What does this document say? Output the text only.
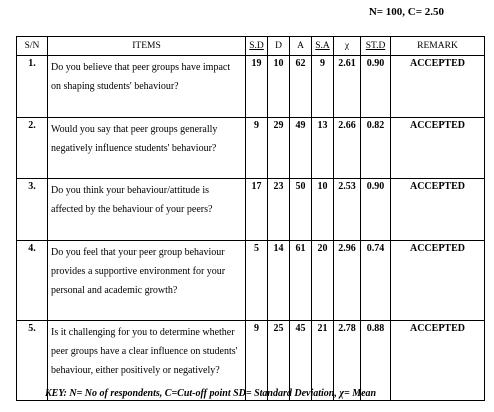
N= 100, C= 2.50
S/N	ITEMS	S.D	D	A	S.A	χ	ST.D	REMARK
1.	Do you believe that peer groups have impact on shaping students' behaviour?	19	10	62	9	2.61	0.90	ACCEPTED
2.	Would you say that peer groups generally negatively influence students' behaviour?	9	29	49	13	2.66	0.82	ACCEPTED
3.	Do you think your behaviour/attitude is affected by the behaviour of your peers?	17	23	50	10	2.53	0.90	ACCEPTED
4.	Do you feel that your peer group behaviour provides a supportive environment for your personal and academic growth?	5	14	61	20	2.96	0.74	ACCEPTED
5.	Is it challenging for you to determine whether peer groups have a clear influence on students' behaviour, either positively or negatively?	9	25	45	21	2.78	0.88	ACCEPTED
KEY: N= No of respondents, C=Cut-off point SD= Standard Deviation, χ= Mean
